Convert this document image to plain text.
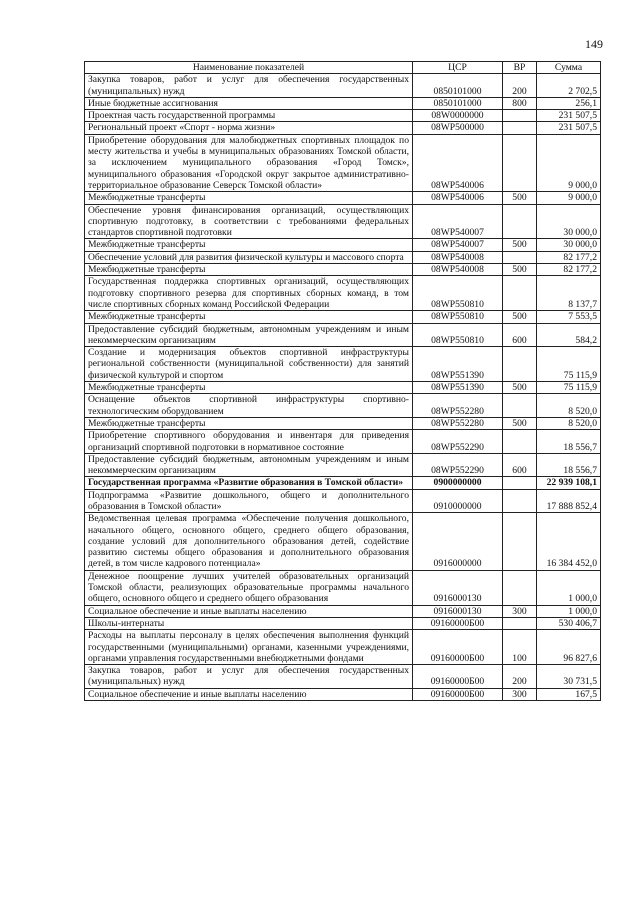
149
Наименование показателей	ЦСР	ВР	Сумма
Закупка товаров, работ и услуг для обеспечения государственных (муниципальных) нужд	0850101000	200	2 702,5
Иные бюджетные ассигнования	0850101000	800	256,1
Проектная часть государственной программы	08W0000000		231 507,5
Региональный проект «Спорт - норма жизни»	08WP500000		231 507,5
Приобретение оборудования для малобюджетных спортивных площадок по месту жительства и учебы в муниципальных образованиях Томской области, за исключением муниципального образования «Город Томск», муниципального образования «Городской округ закрытое административно-территориальное образование Северск Томской области»	08WP540006		9 000,0
Межбюджетные трансферты	08WP540006	500	9 000,0
Обеспечение уровня финансирования организаций, осуществляющих спортивную подготовку, в соответствии с требованиями федеральных стандартов спортивной подготовки	08WP540007		30 000,0
Межбюджетные трансферты	08WP540007	500	30 000,0
Обеспечение условий для развития физической культуры и массового спорта	08WP540008		82 177,2
Межбюджетные трансферты	08WP540008	500	82 177,2
Государственная поддержка спортивных организаций, осуществляющих подготовку спортивного резерва для спортивных сборных команд, в том числе спортивных сборных команд Российской Федерации	08WP550810		8 137,7
Межбюджетные трансферты	08WP550810	500	7 553,5
Предоставление субсидий бюджетным, автономным учреждениям и иным некоммерческим организациям	08WP550810	600	584,2
Создание и модернизация объектов спортивной инфраструктуры региональной собственности (муниципальной собственности) для занятий физической культурой и спортом	08WP551390		75 115,9
Межбюджетные трансферты	08WP551390	500	75 115,9
Оснащение объектов спортивной инфраструктуры спортивно-технологическим оборудованием	08WP552280		8 520,0
Межбюджетные трансферты	08WP552280	500	8 520,0
Приобретение спортивного оборудования и инвентаря для приведения организаций спортивной подготовки в нормативное состояние	08WP552290		18 556,7
Предоставление субсидий бюджетным, автономным учреждениям и иным некоммерческим организациям	08WP552290	600	18 556,7
Государственная программа «Развитие образования в Томской области»	0900000000		22 939 108,1
Подпрограмма «Развитие дошкольного, общего и дополнительного образования в Томской области»	0910000000		17 888 852,4
Ведомственная целевая программа «Обеспечение получения дошкольного, начального общего, основного общего, среднего общего образования, создание условий для дополнительного образования детей, содействие развитию системы общего образования и дополнительного образования детей, в том числе кадрового потенциала»	0916000000		16 384 452,0
Денежное поощрение лучших учителей образовательных организаций Томской области, реализующих образовательные программы начального общего, основного общего и среднего общего образования	0916000130		1 000,0
Социальное обеспечение и иные выплаты населению	0916000130	300	1 000,0
Школы-интернаты	09160000Б00		530 406,7
Расходы на выплаты персоналу в целях обеспечения выполнения функций государственными (муниципальными) органами, казенными учреждениями, органами управления государственными внебюджетными фондами	09160000Б00	100	96 827,6
Закупка товаров, работ и услуг для обеспечения государственных (муниципальных) нужд	09160000Б00	200	30 731,5
Социальное обеспечение и иные выплаты населению	09160000Б00	300	167,5
